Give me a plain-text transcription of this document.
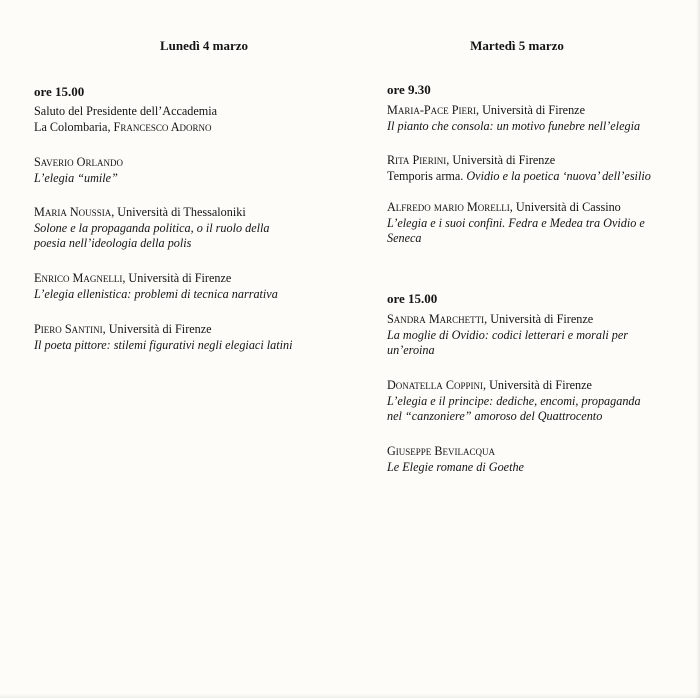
Lunedì 4 marzo
ore 15.00
Saluto del Presidente dell’Accademia
La Colombaria, Francesco Adorno
Saverio Orlando
L’elegia “umile”
Maria Noussia, Università di Thessaloniki
Solone e la propaganda politica, o il ruolo della poesia nell’ideologia della polis
Enrico Magnelli, Università di Firenze
L’elegia ellenistica: problemi di tecnica narrativa
Piero Santini, Università di Firenze
Il poeta pittore: stilemi figurativi negli elegiaci latini
Martedì 5 marzo
ore 9.30
Maria-Pace Pieri, Università di Firenze
Il pianto che consola: un motivo funebre nell’elegia
Rita Pierini, Università di Firenze
Temporis arma. Ovidio e la poetica ‘nuova’ dell’esilio
Alfredo mario Morelli, Università di Cassino
L’elegia e i suoi confini. Fedra e Medea tra Ovidio e Seneca
ore 15.00
Sandra Marchetti, Università di Firenze
La moglie di Ovidio: codici letterari e morali per un’eroina
Donatella Coppini, Università di Firenze
L’elegia e il principe: dediche, encomi, propaganda nel “canzoniere” amoroso del Quattrocento
Giuseppe Bevilacqua
Le Elegie romane di Goethe
